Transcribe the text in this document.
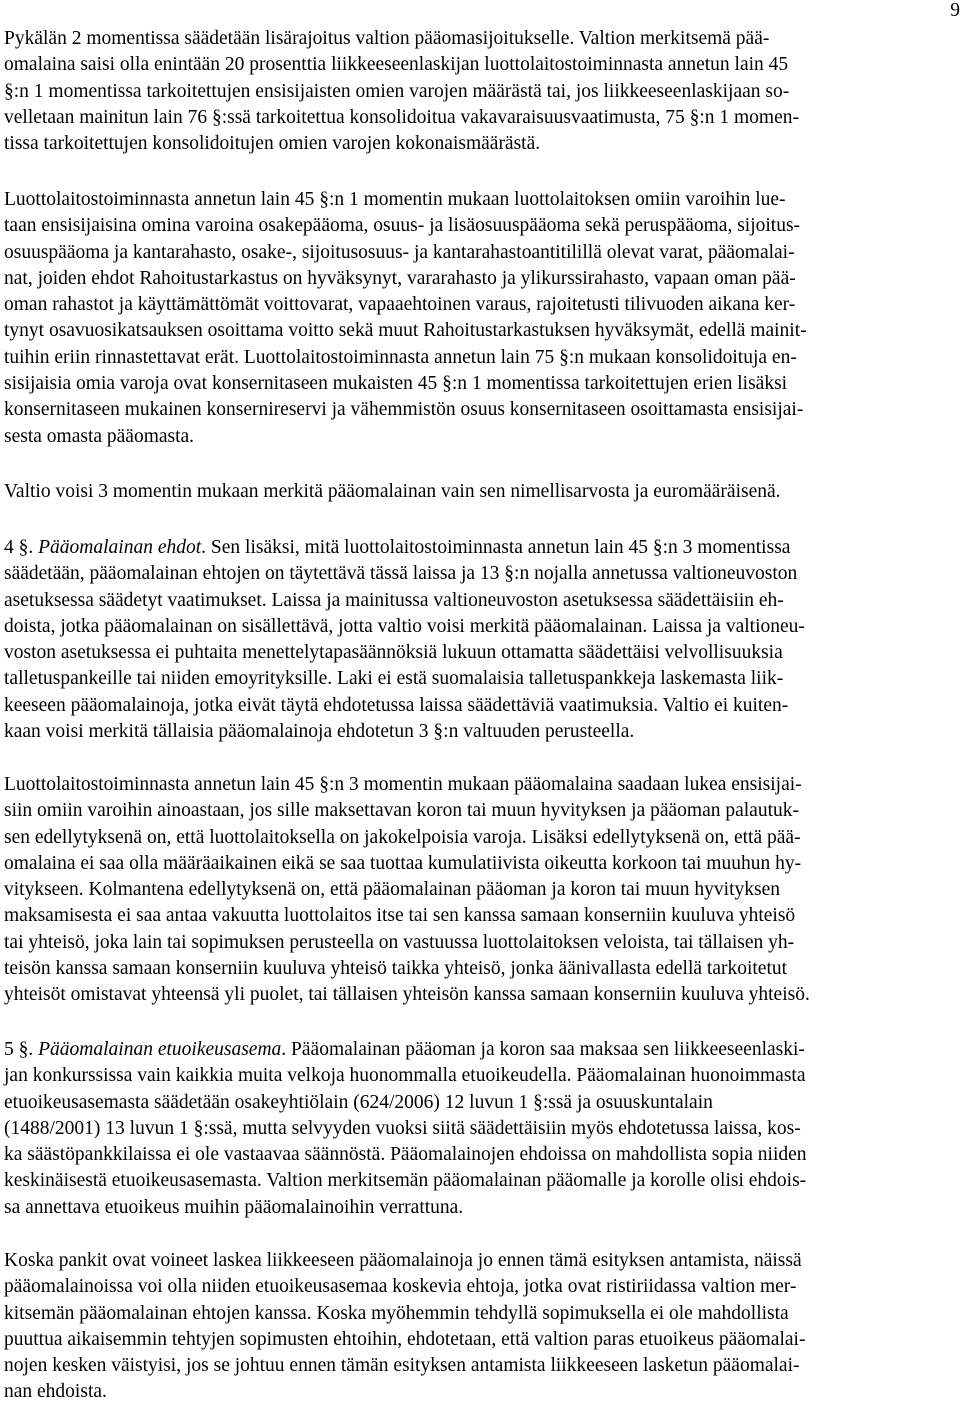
9

Pykälän 2 momentissa säädetään lisärajoitus valtion pääomasijoitukselle. Valtion merkitsemä pää-
omalaina saisi olla enintään 20 prosenttia liikkeeseenlaskijan luottolaitostoiminnasta annetun lain 45
§:n 1 momentissa tarkoitettujen ensisijaisten omien varojen määrästä tai, jos liikkeeseenlaskijaan so-
velletaan mainitun lain 76 §:ssä tarkoitettua konsolidoitua vakavaraisuusvaatimusta, 75 §:n 1 momen-
tissa tarkoitettujen konsolidoitujen omien varojen kokonaismäärästä.

Luottolaitostoiminnasta annetun lain 45 §:n 1 momentin mukaan luottolaitoksen omiin varoihin lue-
taan ensisijaisina omina varoina osakepääoma, osuus- ja lisäosuuspääoma sekä peruspääoma, sijoitus-
osuuspääoma ja kantarahasto, osake-, sijoitusosuus- ja kantarahastoantitilillä olevat varat, pääomalai-
nat, joiden ehdot Rahoitustarkastus on hyväksynyt, vararahasto ja ylikurssirahasto, vapaan oman pää-
oman rahastot ja käyttämättömät voittovarat, vapaaehtoinen varaus, rajoitetusti tilivuoden aikana ker-
tynyt osavuosikatsauksen osoittama voitto sekä muut Rahoitustarkastuksen hyväksymät, edellä mainit-
tuihin eriin rinnastettavat erät. Luottolaitostoiminnasta annetun lain 75 §:n mukaan konsolidoituja en-
sisijaisia omia varoja ovat konsernitaseen mukaisten 45 §:n 1 momentissa tarkoitettujen erien lisäksi
konsernitaseen mukainen konsernireservi ja vähemmistön osuus konsernitaseen osoittamasta ensisijai-
sesta omasta pääomasta.

Valtio voisi 3 momentin mukaan merkitä pääomalainan vain sen nimellisarvosta ja euromääräisenä.

4 §. Pääomalainan ehdot. Sen lisäksi, mitä luottolaitostoiminnasta annetun lain 45 §:n 3 momentissa
säädetään, pääomalainan ehtojen on täytettävä tässä laissa ja 13 §:n nojalla annetussa valtioneuvoston
asetuksessa säädetyt vaatimukset. Laissa ja mainitussa valtioneuvoston asetuksessa säädettäisiin eh-
doista, jotka pääomalainan on sisällettävä, jotta valtio voisi merkitä pääomalainan. Laissa ja valtioneu-
voston asetuksessa ei puhtaita menettelytapasäännöksiä lukuun ottamatta säädettäisi velvollisuuksia
talletuspankeille tai niiden emoyrityksille. Laki ei estä suomalaisia talletuspankkeja laskemasta liik-
keeseen pääomalainoja, jotka eivät täytä ehdotetussa laissa säädettäviä vaatimuksia. Valtio ei kuiten-
kaan voisi merkitä tällaisia pääomalainoja ehdotetun 3 §:n valtuuden perusteella.

Luottolaitostoiminnasta annetun lain 45 §:n 3 momentin mukaan pääomalaina saadaan lukea ensisijai-
siin omiin varoihin ainoastaan, jos sille maksettavan koron tai muun hyvityksen ja pääoman palautuk-
sen edellytyksenä on, että luottolaitoksella on jakokelpoisia varoja. Lisäksi edellytyksenä on, että pää-
omalaina ei saa olla määräaikainen eikä se saa tuottaa kumulatiivista oikeutta korkoon tai muuhun hy-
vitykseen. Kolmantena edellytyksenä on, että pääomalainan pääoman ja koron tai muun hyvityksen
maksamisesta ei saa antaa vakuutta luottolaitos itse tai sen kanssa samaan konserniin kuuluva yhteisö
tai yhteisö, joka lain tai sopimuksen perusteella on vastuussa luottolaitoksen veloista, tai tällaisen yh-
teisön kanssa samaan konserniin kuuluva yhteisö taikka yhteisö, jonka äänivallasta edellä tarkoitetut
yhteisöt omistavat yhteensä yli puolet, tai tällaisen yhteisön kanssa samaan konserniin kuuluva yhteisö.

5 §. Pääomalainan etuoikeusasema. Pääomalainan pääoman ja koron saa maksaa sen liikkeeseenlaski-
jan konkurssissa vain kaikkia muita velkoja huonommalla etuoikeudella. Pääomalainan huonoimmasta
etuoikeusasemasta säädetään osakeyhtiölain (624/2006) 12 luvun 1 §:ssä ja osuuskuntalain
(1488/2001) 13 luvun 1 §:ssä, mutta selvyyden vuoksi siitä säädettäisiin myös ehdotetussa laissa, kos-
ka säästöpankkilaissa ei ole vastaavaa säännöstä. Pääomalainojen ehdoissa on mahdollista sopia niiden
keskinäisestä etuoikeusasemasta. Valtion merkitsemän pääomalainan pääomalle ja korolle olisi ehdois-
sa annettava etuoikeus muihin pääomalainoihin verrattuna.

Koska pankit ovat voineet laskea liikkeeseen pääomalainoja jo ennen tämä esityksen antamista, näissä
pääomalainoissa voi olla niiden etuoikeusasemaa koskevia ehtoja, jotka ovat ristiriidassa valtion mer-
kitsemän pääomalainan ehtojen kanssa. Koska myöhemmin tehdyllä sopimuksella ei ole mahdollista
puuttua aikaisemmin tehtyjen sopimusten ehtoihin, ehdotetaan, että valtion paras etuoikeus pääomalai-
nojen kesken väistyisi, jos se johtuu ennen tämän esityksen antamista liikkeeseen lasketun pääomalai-
nan ehdoista.
